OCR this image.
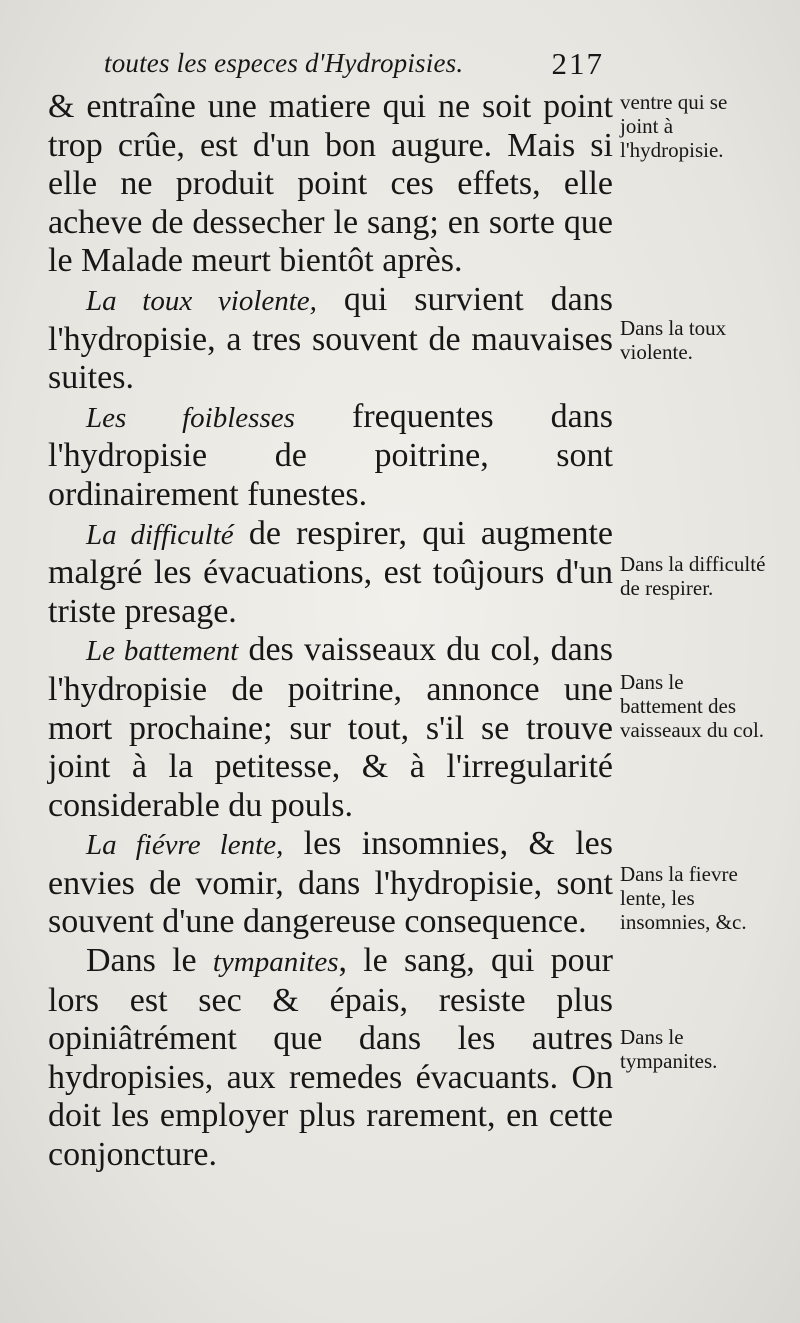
toutes les especes d'Hydropisies.	217

& entraîne une matiere qui ne soit point trop crûe, est d'un bon augure. Mais si elle ne produit point ces effets, elle acheve de dessecher le sang; en sorte que le Malade meurt bientôt après.

La toux violente, qui survient dans l'hydropisie, a tres souvent de mauvaises suites.

Les foiblesses frequentes dans l'hydropisie de poitrine, sont ordinairement funestes.

La difficulté de respirer, qui augmente malgré les évacuations, est toûjours d'un triste presage.

Le battement des vaisseaux du col, dans l'hydropisie de poitrine, annonce une mort prochaine; sur tout, s'il se trouve joint à la petitesse, & à l'irregularité considerable du pouls.

La fiévre lente, les insomnies, & les envies de vomir, dans l'hydropisie, sont souvent d'une dangereuse consequence.

Dans le tympanites, le sang, qui pour lors est sec & épais, resiste plus opiniâtrément que dans les autres hydropisies, aux remedes évacuants. On doit les employer plus rarement, en cette conjoncture.

ventre qui se joint à l'hydropisie.
Dans la toux violente.
Dans la difficulté de respirer.
Dans le battement des vaisseaux du col.
Dans la fievre lente, les insomnies, &c.
Dans le tympanites.
